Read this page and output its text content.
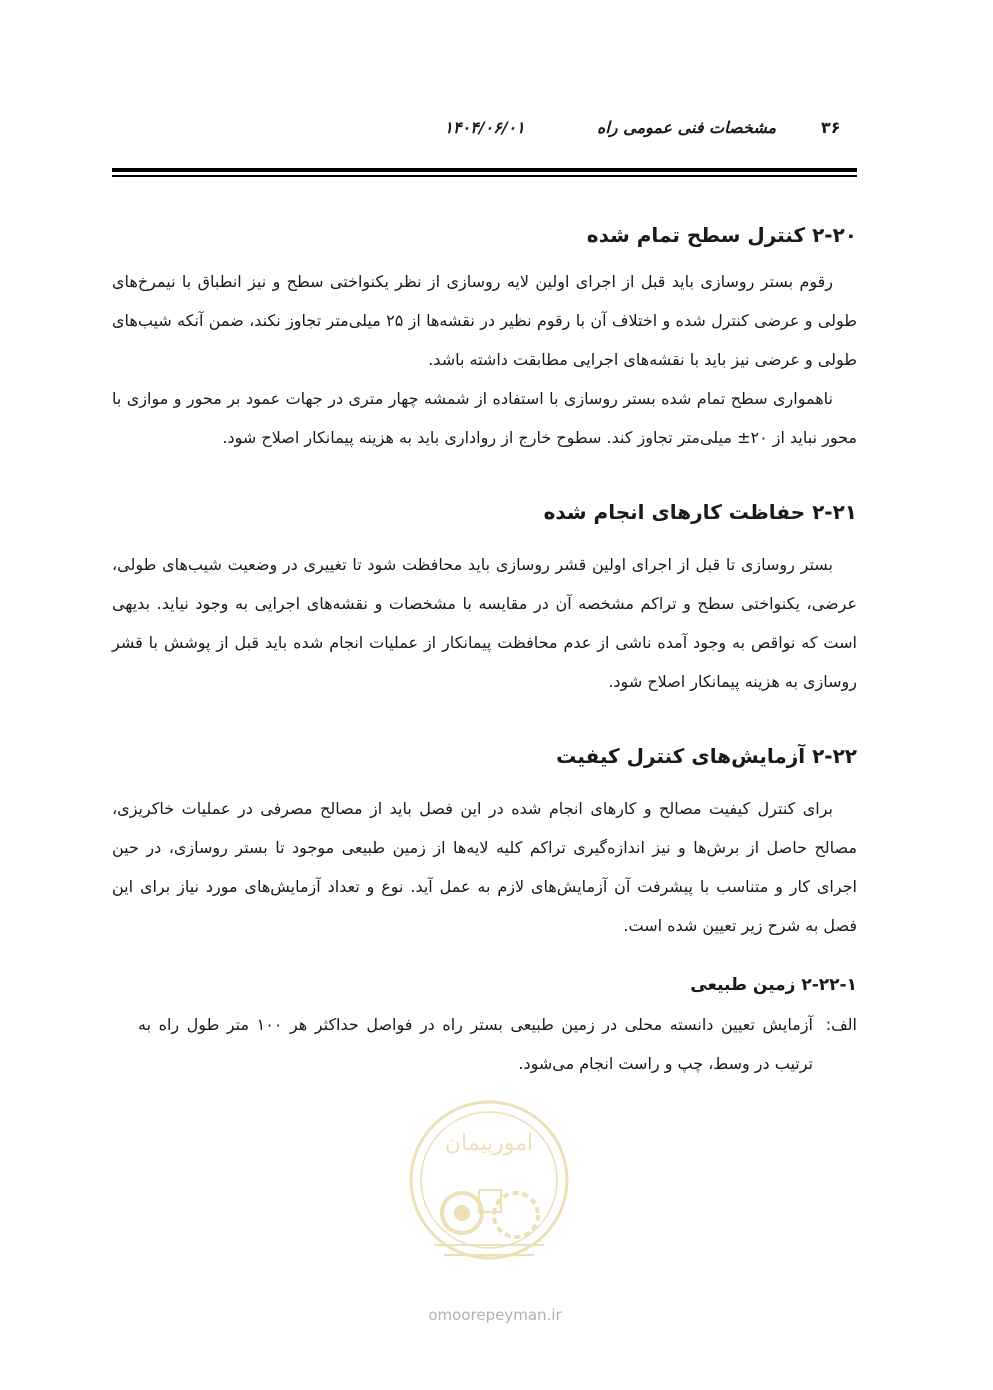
۳۶
۱۴۰۴/۰۶/۰۱	مشخصات فنی عمومی راه
۲-۲۰ کنترل سطح تمام شده

رقوم بستر روسازی باید قبل از اجرای اولین لایه روسازی از نظر یکنواختی سطح و نیز انطباق با نیمرخ‌های طولی و عرضی کنترل شده و اختلاف آن با رقوم نظیر در نقشه‌ها از ۲۵ میلی‌متر تجاوز نکند، ضمن آنکه شیب‌های طولی و عرضی نیز باید با نقشه‌های اجرایی مطابقت داشته باشد.

ناهمواری سطح تمام شده بستر روسازی با استفاده از شمشه چهار متری در جهات عمود بر محور و موازی با محور نباید از ۲۰± میلی‌متر تجاوز کند. سطوح خارج از رواداری باید به هزینه پیمانکار اصلاح شود.

۲-۲۱ حفاظت کارهای انجام شده

بستر روسازی تا قبل از اجرای اولین قشر روسازی باید محافظت شود تا تغییری در وضعیت شیب‌های طولی، عرضی، یکنواختی سطح و تراکم مشخصه آن در مقایسه با مشخصات و نقشه‌های اجرایی به وجود نیاید. بدیهی است که نواقص به وجود آمده ناشی از عدم محافظت پیمانکار از عملیات انجام شده باید قبل از پوشش با قشر روسازی به هزینه پیمانکار اصلاح شود.

۲-۲۲ آزمایش‌های کنترل کیفیت

برای کنترل کیفیت مصالح و کارهای انجام شده در این فصل باید از مصالح مصرفی در عملیات خاکریزی، مصالح حاصل از برش‌ها و نیز اندازه‌گیری تراکم کلیه لایه‌ها از زمین طبیعی موجود تا بستر روسازی، در حین اجرای کار و متناسب با پیشرفت آن آزمایش‌های لازم به عمل آید. نوع و تعداد آزمایش‌های مورد نیاز برای این فصل به شرح زیر تعیین شده است.

۲-۲۲-۱ زمین طبیعی
الف:
آزمایش تعیین دانسته محلی در زمین طبیعی بستر راه در فواصل حداکثر هر ۱۰۰ متر طول راه به ترتیب در وسط، چپ و راست انجام می‌شود.
امورپیمان
omoorepeyman.ir
